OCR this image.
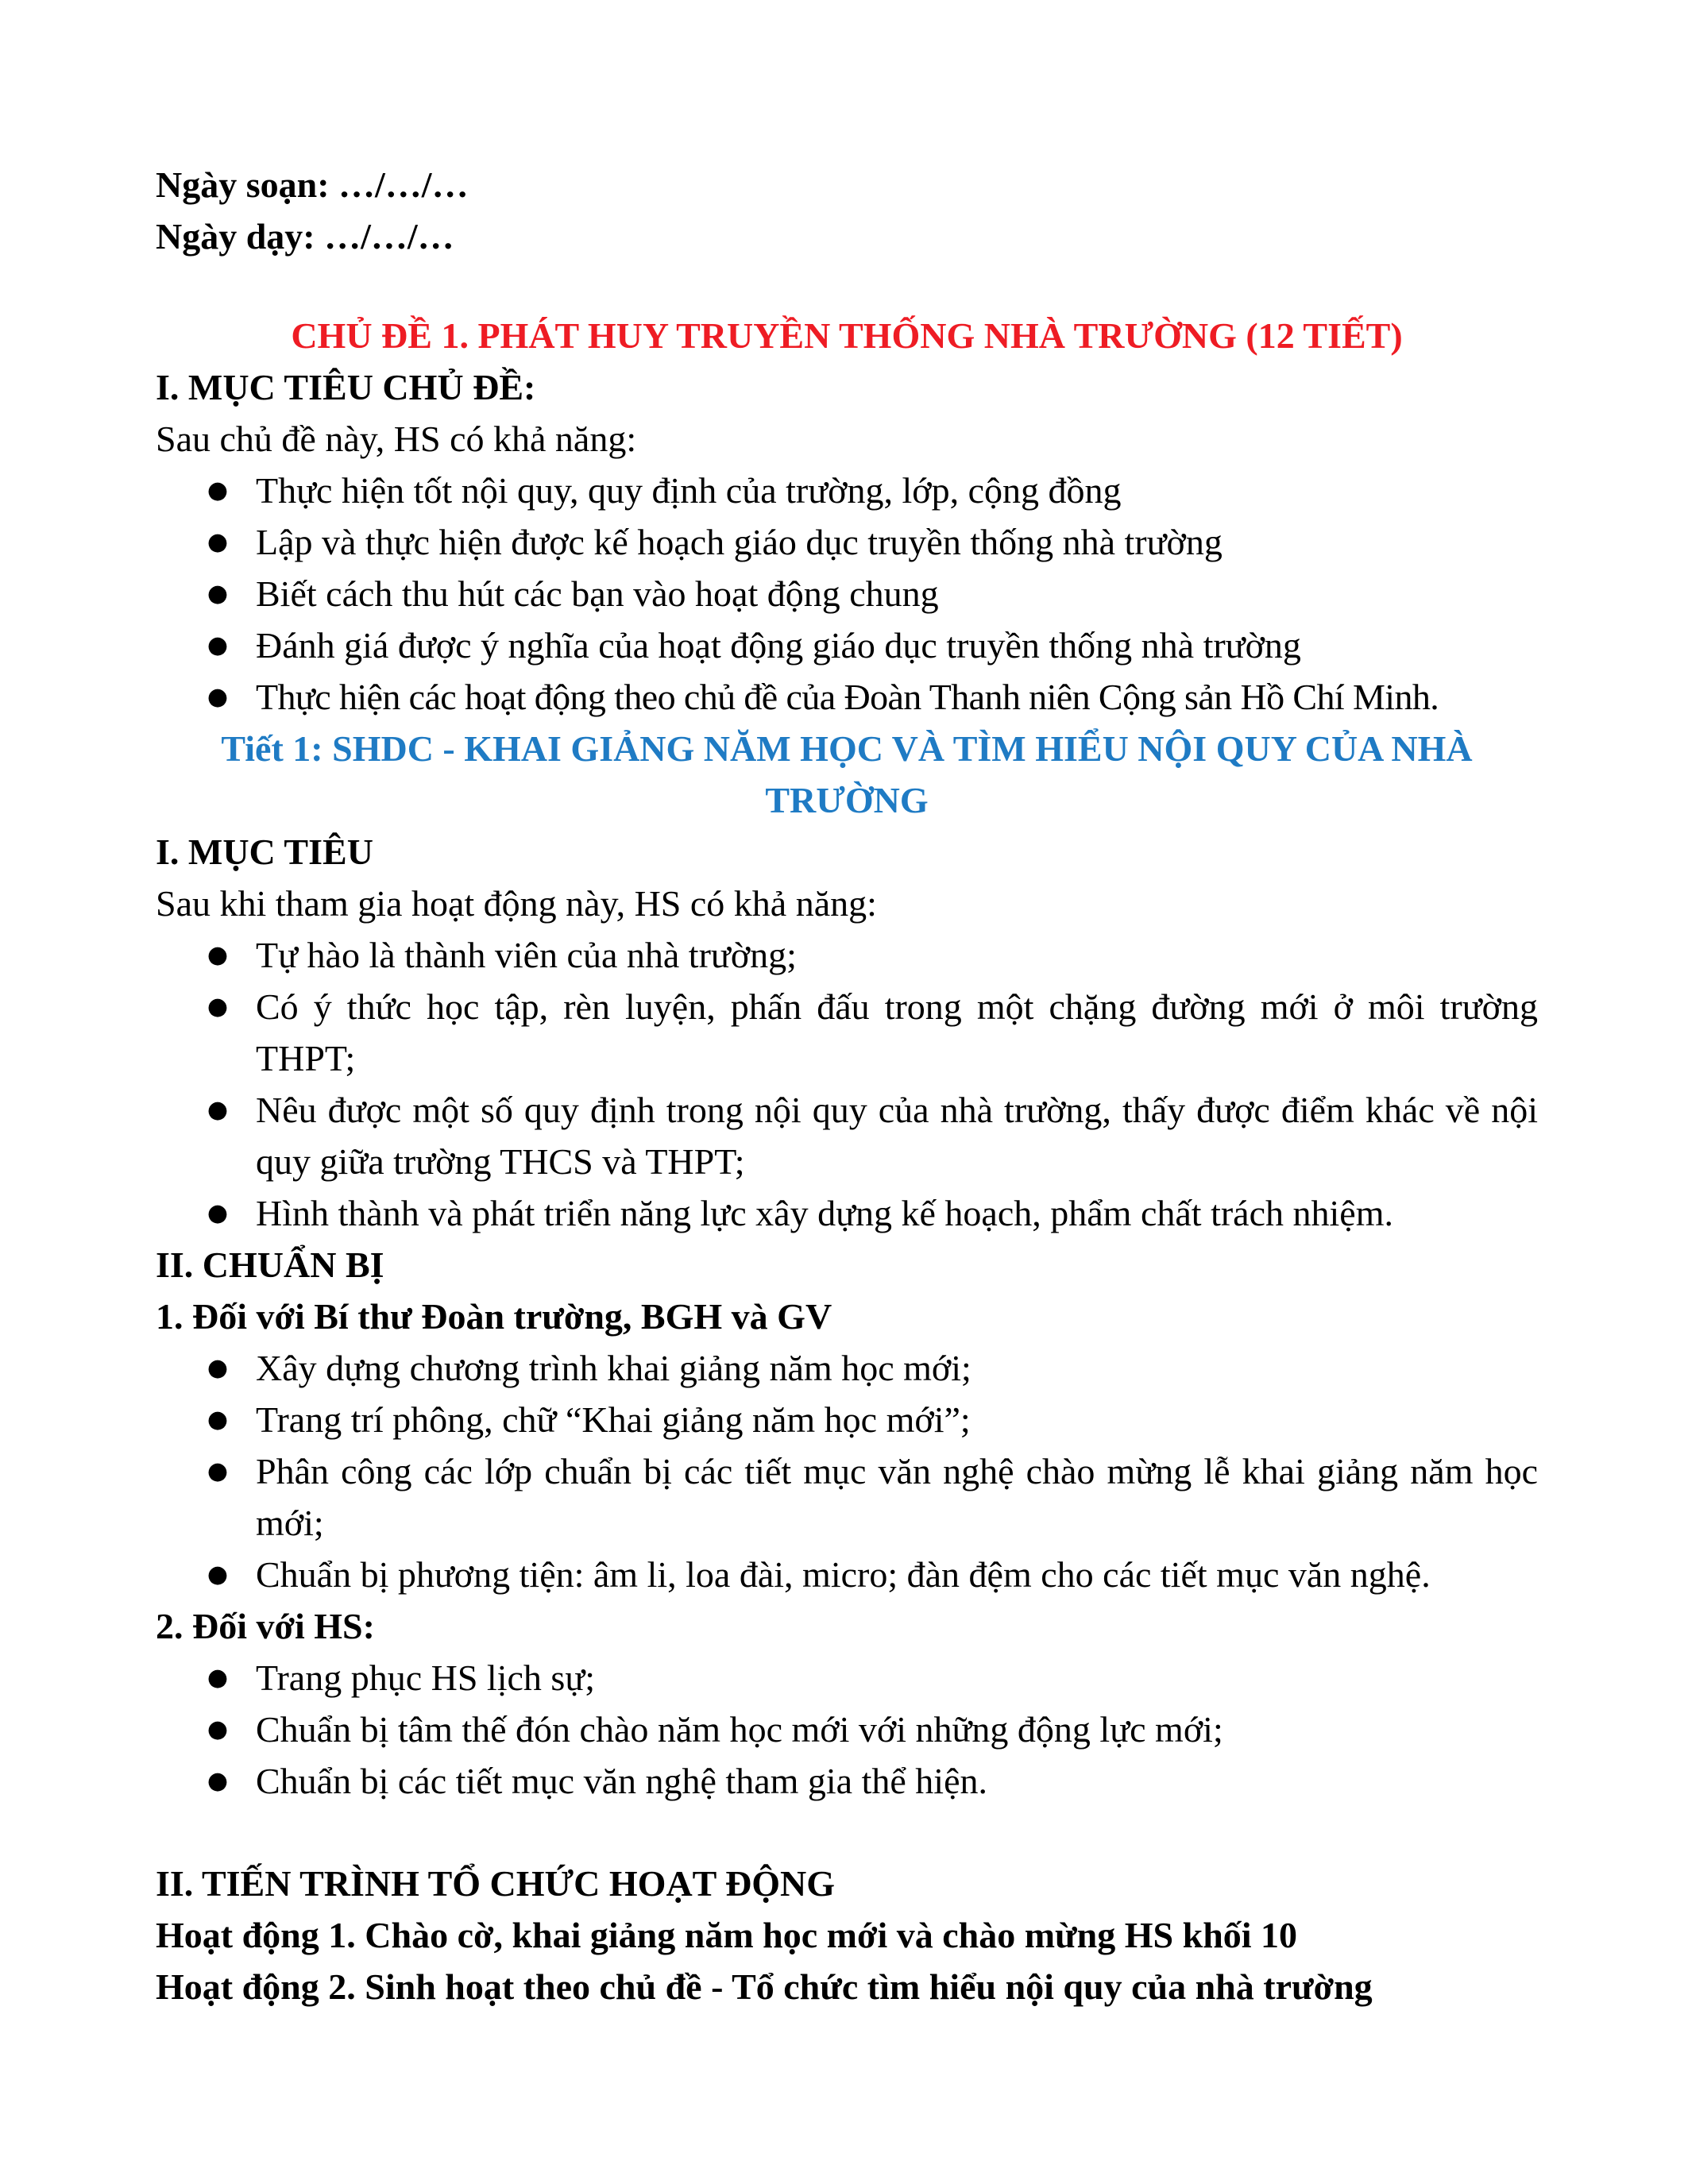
Ngày soạn: …/…/…

Ngày dạy: …/…/…

CHỦ ĐỀ 1. PHÁT HUY TRUYỀN THỐNG NHÀ TRƯỜNG (12 TIẾT)

I. MỤC TIÊU CHỦ ĐỀ:

Sau chủ đề này, HS có khả năng:

● Thực hiện tốt nội quy, quy định của trường, lớp, cộng đồng
● Lập và thực hiện được kế hoạch giáo dục truyền thống nhà trường
● Biết cách thu hút các bạn vào hoạt động chung
● Đánh giá được ý nghĩa của hoạt động giáo dục truyền thống nhà trường
● Thực hiện các hoạt động theo chủ đề của Đoàn Thanh niên Cộng sản Hồ Chí Minh.

Tiết 1: SHDC - KHAI GIẢNG NĂM HỌC VÀ TÌM HIỂU NỘI QUY CỦA NHÀ

TRƯỜNG

I. MỤC TIÊU

Sau khi tham gia hoạt động này, HS có khả năng:

● Tự hào là thành viên của nhà trường;
● Có ý thức học tập, rèn luyện, phấn đấu trong một chặng đường mới ở môi trường THPT;
● Nêu được một số quy định trong nội quy của nhà trường, thấy được điểm khác về nội quy giữa trường THCS và THPT;
● Hình thành và phát triển năng lực xây dựng kế hoạch, phẩm chất trách nhiệm.

II. CHUẨN BỊ

1. Đối với Bí thư Đoàn trường, BGH và GV

● Xây dựng chương trình khai giảng năm học mới;
● Trang trí phông, chữ “Khai giảng năm học mới”;
● Phân công các lớp chuẩn bị các tiết mục văn nghệ chào mừng lễ khai giảng năm học mới;
● Chuẩn bị phương tiện: âm li, loa đài, micro; đàn đệm cho các tiết mục văn nghệ.

2. Đối với HS:

● Trang phục HS lịch sự;
● Chuẩn bị tâm thế đón chào năm học mới với những động lực mới;
● Chuẩn bị các tiết mục văn nghệ tham gia thể hiện.

II. TIẾN TRÌNH TỔ CHỨC HOẠT ĐỘNG

Hoạt động 1. Chào cờ, khai giảng năm học mới và chào mừng HS khối 10

Hoạt động 2. Sinh hoạt theo chủ đề - Tổ chức tìm hiểu nội quy của nhà trường
